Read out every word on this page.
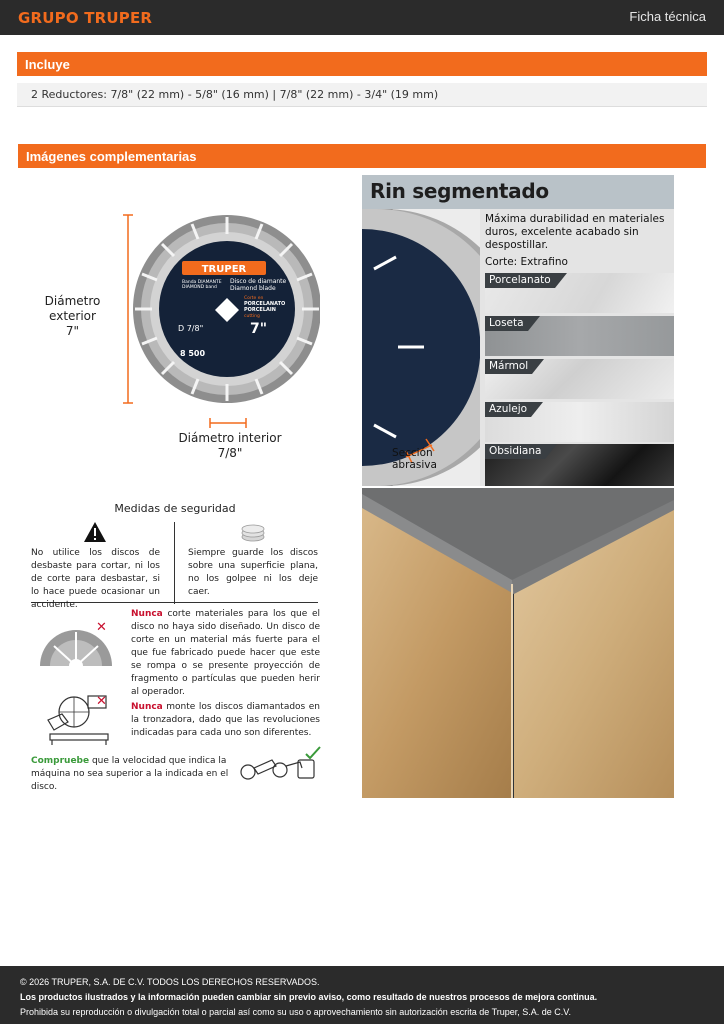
GRUPO TRUPER	Ficha técnica
Incluye
2 Reductores: 7/8" (22 mm) - 5/8" (16 mm) | 7/8" (22 mm) - 3/4" (19 mm)
Imágenes complementarias
TRUPER
Banda DIAMANTE
DIAMOND band
Disco de diamante
Diamond blade
Corte en
PORCELANATO
PORCELAIN
cutting
D 7/8"	7"
8 500
Diámetro exterior
7"
Diámetro interior
7/8"
Medidas de seguridad
No utilice los discos de desbaste para cortar, ni los de corte para desbastar, si lo hace puede ocasionar un accidente.
Siempre guarde los discos sobre una superficie plana, no los golpee ni los deje caer.
✕
✕
Nunca corte materiales para los que el disco no haya sido diseñado. Un disco de corte en un material más fuerte para el que fue fabricado puede hacer que este se rompa o se presente proyección de fragmento o partículas que pueden herir al operador.
Nunca monte los discos diamantados en la tronzadora, dado que las revoluciones indicadas para cada uno son diferentes.
Compruebe que la velocidad que indica la máquina no sea superior a la indicada en el disco.
Rin segmentado
Sección
abrasiva
Máxima durabilidad en materiales duros, excelente acabado sin despostillar.
Corte: Extrafino
Porcelanato
Loseta
Mármol
Azulejo
Obsidiana
© 2026 TRUPER, S.A. DE C.V. TODOS LOS DERECHOS RESERVADOS.
Los productos ilustrados y la información pueden cambiar sin previo aviso, como resultado de nuestros procesos de mejora continua.
Prohibida su reproducción o divulgación total o parcial así como su uso o aprovechamiento sin autorización escrita de Truper, S.A. de C.V.
